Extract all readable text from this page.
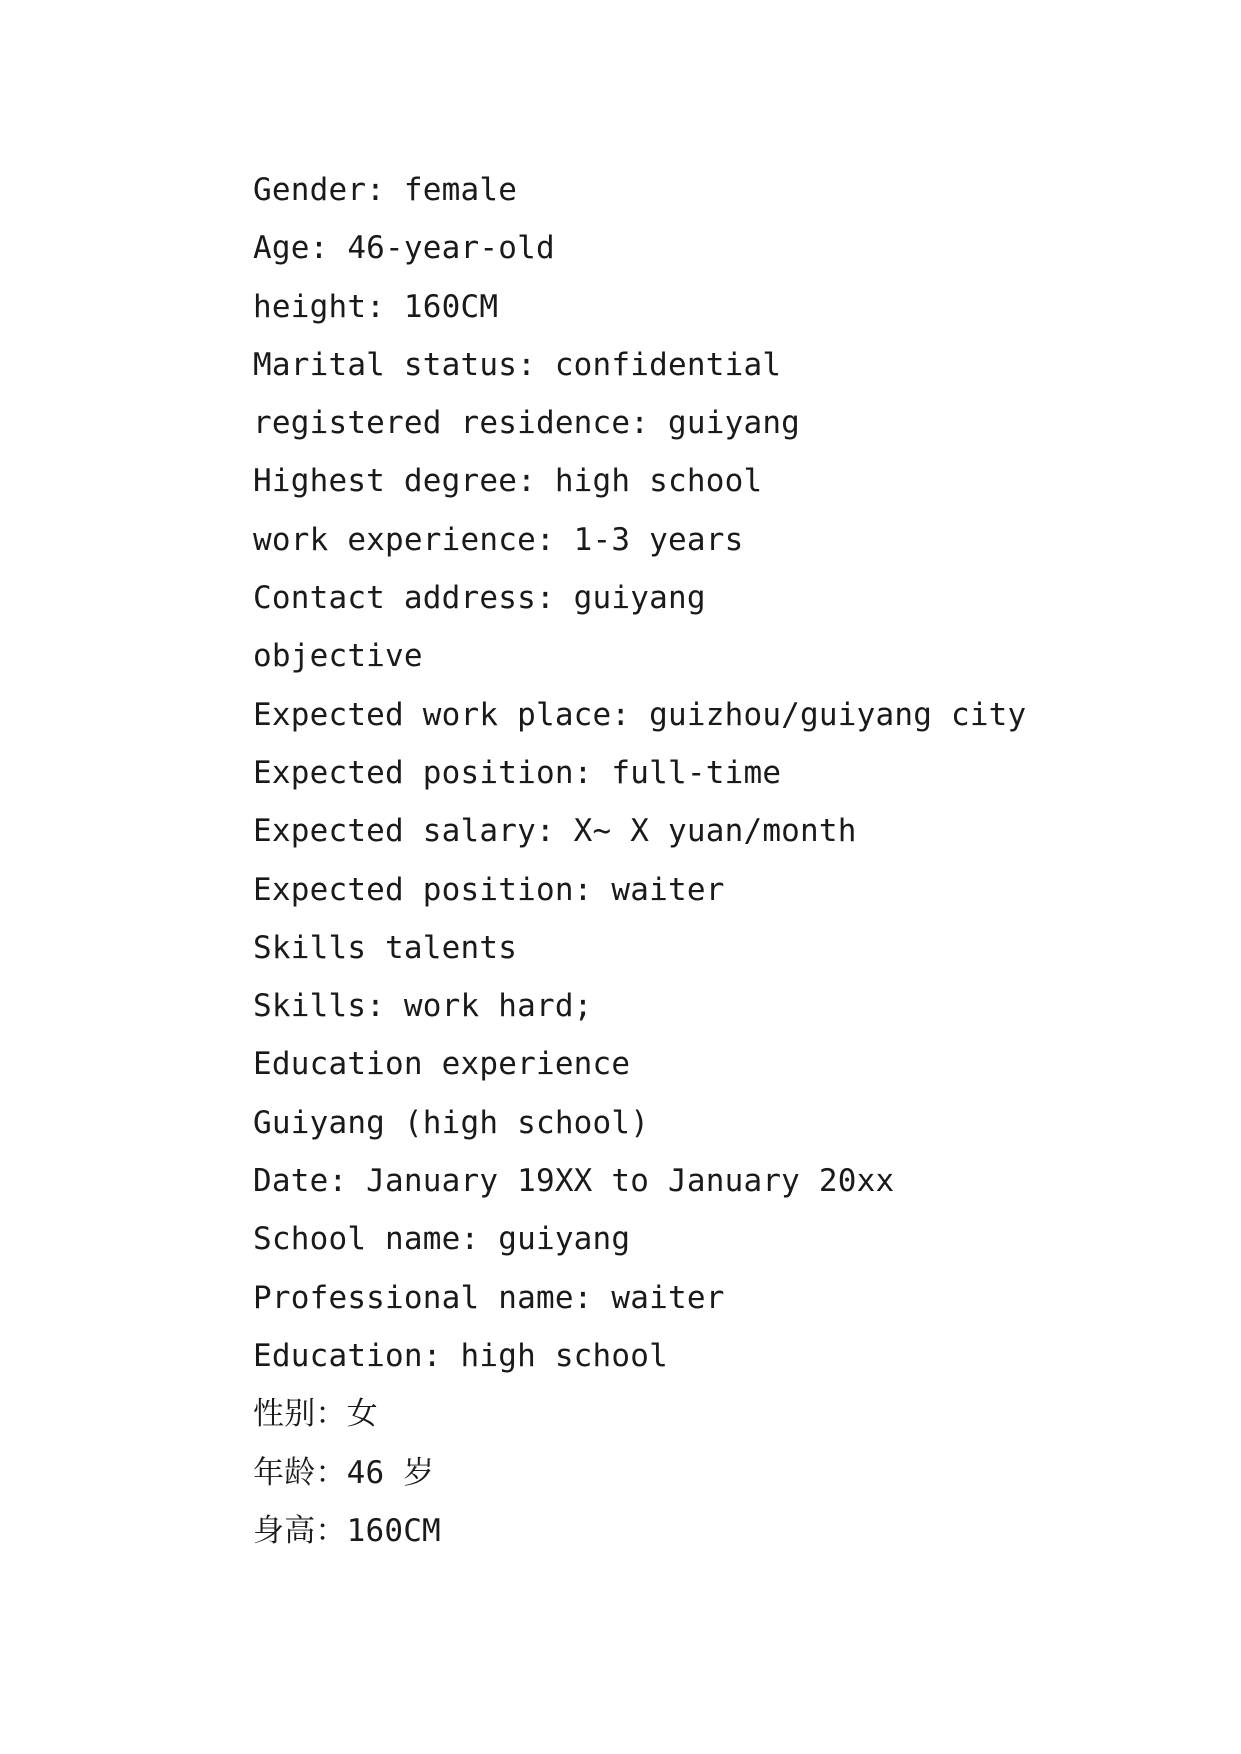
Gender: female
Age: 46-year-old
height: 160CM
Marital status: confidential
registered residence: guiyang
Highest degree: high school
work experience: 1-3 years
Contact address: guiyang
objective
Expected work place: guizhou/guiyang city
Expected position: full-time
Expected salary: X~ X yuan/month
Expected position: waiter
Skills talents
Skills: work hard;
Education experience
Guiyang (high school)
Date: January 19XX to January 20xx
School name: guiyang
Professional name: waiter
Education: high school
性别：女
年龄：46 岁
身高：160CM
